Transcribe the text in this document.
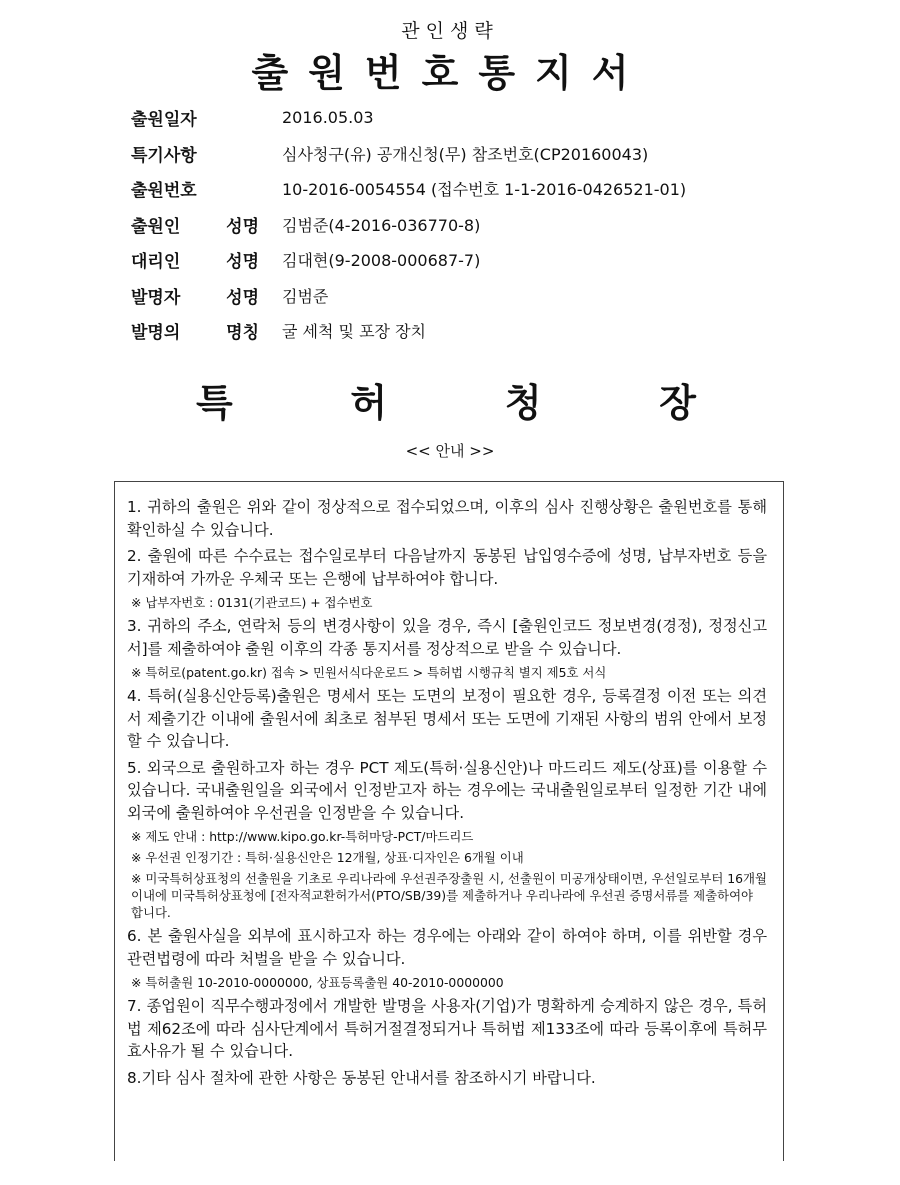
관인생략
출원번호통지서
출원일자	2016.05.03
특기사항	심사청구(유) 공개신청(무) 참조번호(CP20160043)
출원번호	10-2016-0054554 (접수번호 1-1-2016-0426521-01)
출원인 성명 김범준(4-2016-036770-8)
대리인 성명 김대현(9-2008-000687-7)
발명자 성명 김범준
발명의 명칭 굴 세척 및 포장 장치
특	허	청	장
<< 안내 >>
1. 귀하의 출원은 위와 같이 정상적으로 접수되었으며, 이후의 심사 진행상황은 출원번호를 통해 확인하실 수 있습니다.
2. 출원에 따른 수수료는 접수일로부터 다음날까지 동봉된 납입영수증에 성명, 납부자번호 등을 기재하여 가까운 우체국 또는 은행에 납부하여야 합니다.
※ 납부자번호 : 0131(기관코드) + 접수번호
3. 귀하의 주소, 연락처 등의 변경사항이 있을 경우, 즉시 [출원인코드 정보변경(경정), 정정신고서]를 제출하여야 출원 이후의 각종 통지서를 정상적으로 받을 수 있습니다.
※ 특허로(patent.go.kr) 접속 > 민원서식다운로드 > 특허법 시행규칙 별지 제5호 서식
4. 특허(실용신안등록)출원은 명세서 또는 도면의 보정이 필요한 경우, 등록결정 이전 또는 의견서 제출기간 이내에 출원서에 최초로 첨부된 명세서 또는 도면에 기재된 사항의 범위 안에서 보정할 수 있습니다.
5. 외국으로 출원하고자 하는 경우 PCT 제도(특허·실용신안)나 마드리드 제도(상표)를 이용할 수 있습니다. 국내출원일을 외국에서 인정받고자 하는 경우에는 국내출원일로부터 일정한 기간 내에 외국에 출원하여야 우선권을 인정받을 수 있습니다.
※ 제도 안내 : http://www.kipo.go.kr-특허마당-PCT/마드리드
※ 우선권 인정기간 : 특허·실용신안은 12개월, 상표·디자인은 6개월 이내
※ 미국특허상표청의 선출원을 기초로 우리나라에 우선권주장출원 시, 선출원이 미공개상태이면, 우선일로부터 16개월 이내에 미국특허상표청에 [전자적교환허가서(PTO/SB/39)를 제출하거나 우리나라에 우선권 증명서류를 제출하여야 합니다.
6. 본 출원사실을 외부에 표시하고자 하는 경우에는 아래와 같이 하여야 하며, 이를 위반할 경우 관련법령에 따라 처벌을 받을 수 있습니다.
※ 특허출원 10-2010-0000000, 상표등록출원 40-2010-0000000
7. 종업원이 직무수행과정에서 개발한 발명을 사용자(기업)가 명확하게 승계하지 않은 경우, 특허법 제62조에 따라 심사단계에서 특허거절결정되거나 특허법 제133조에 따라 등록이후에 특허무효사유가 될 수 있습니다.
8.기타 심사 절차에 관한 사항은 동봉된 안내서를 참조하시기 바랍니다.
